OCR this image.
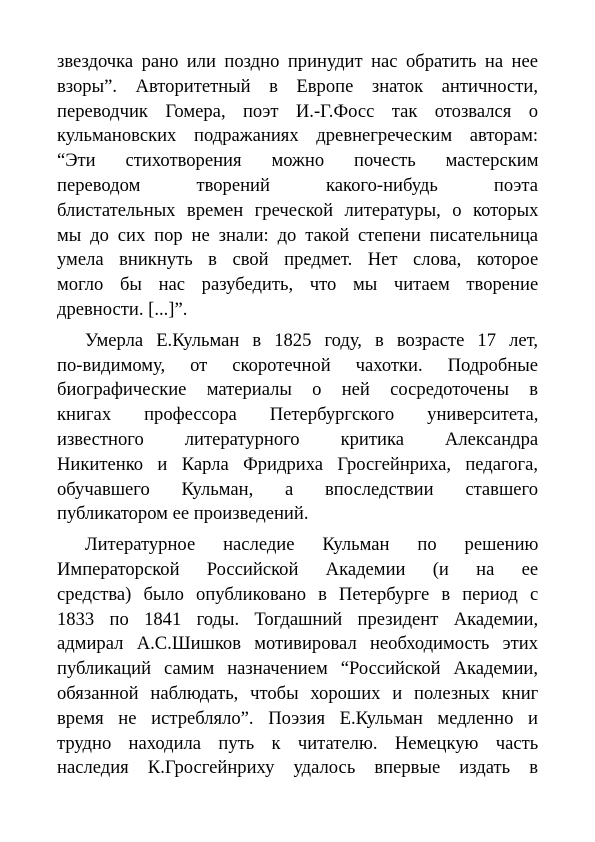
звездочка рано или поздно принудит нас обратить на нее
взоры”. Авторитетный в Европе знаток античности,
переводчик Гомера, поэт И.-Г.Фосс так отозвался о
кульмановских подражаниях древнегреческим авторам:
“Эти стихотворения можно почесть мастерским
переводом творений какого-нибудь поэта
блистательных времен греческой литературы, о которых
мы до сих пор не знали: до такой степени писательница
умела вникнуть в свой предмет. Нет слова, которое
могло бы нас разубедить, что мы читаем творение
древности. [...]”.
Умерла Е.Кульман в 1825 году, в возрасте 17 лет,
по-видимому, от скоротечной чахотки. Подробные
биографические материалы о ней сосредоточены в
книгах профессора Петербургского университета,
известного литературного критика Александра
Никитенко и Карла Фридриха Гросгейнриха, педагога,
обучавшего Кульман, а впоследствии ставшего
публикатором ее произведений.
Литературное наследие Кульман по решению
Императорской Российской Академии (и на ее
средства) было опубликовано в Петербурге в период с
1833 по 1841 годы. Тогдашний президент Академии,
адмирал А.С.Шишков мотивировал необходимость этих
публикаций самим назначением “Российской Академии,
обязанной наблюдать, чтобы хороших и полезных книг
время не истребляло”. Поэзия Е.Кульман медленно и
трудно находила путь к читателю. Немецкую часть
наследия К.Гросгейнриху удалось впервые издать в
